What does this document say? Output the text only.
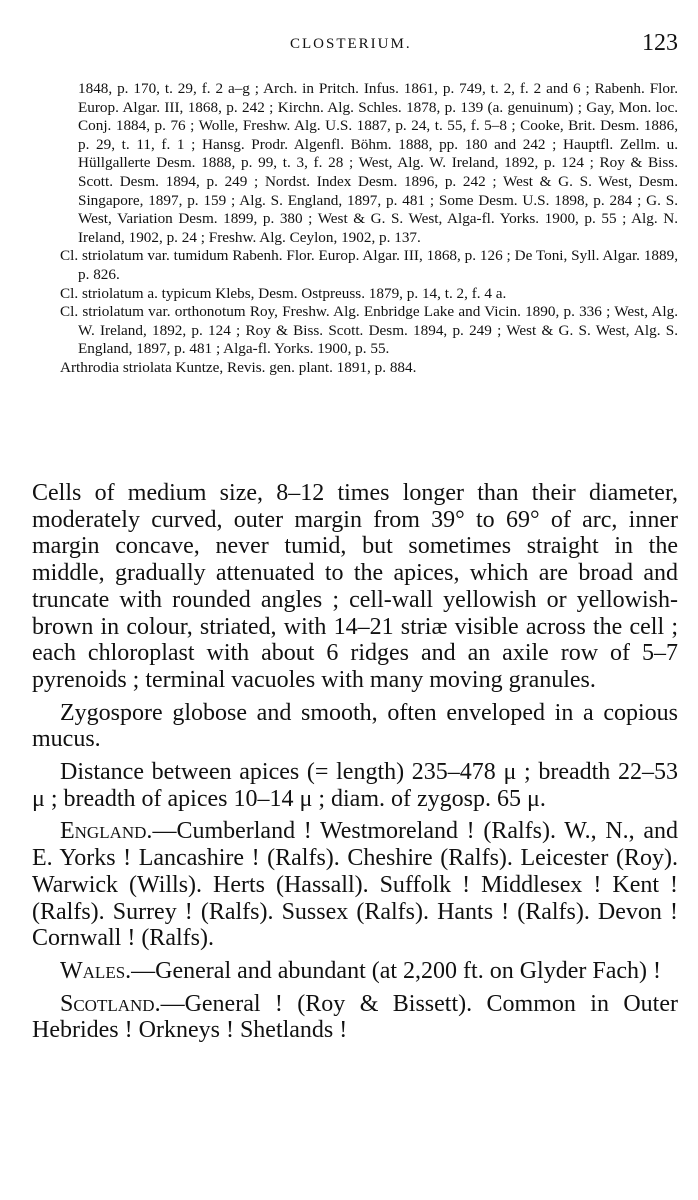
CLOSTERIUM.	123
1848, p. 170, t. 29, f. 2 a–g ; Arch. in Pritch. Infus. 1861, p. 749, t. 2, f. 2 and 6 ; Rabenh. Flor. Europ. Algar. III, 1868, p. 242 ; Kirchn. Alg. Schles. 1878, p. 139 (a. genuinum) ; Gay, Mon. loc. Conj. 1884, p. 76 ; Wolle, Freshw. Alg. U.S. 1887, p. 24, t. 55, f. 5–8 ; Cooke, Brit. Desm. 1886, p. 29, t. 11, f. 1 ; Hansg. Prodr. Algenfl. Böhm. 1888, pp. 180 and 242 ; Hauptfl. Zellm. u. Hüllgallerte Desm. 1888, p. 99, t. 3, f. 28 ; West, Alg. W. Ireland, 1892, p. 124 ; Roy & Biss. Scott. Desm. 1894, p. 249 ; Nordst. Index Desm. 1896, p. 242 ; West & G. S. West, Desm. Singapore, 1897, p. 159 ; Alg. S. England, 1897, p. 481 ; Some Desm. U.S. 1898, p. 284 ; G. S. West, Variation Desm. 1899, p. 380 ; West & G. S. West, Alga-fl. Yorks. 1900, p. 55 ; Alg. N. Ireland, 1902, p. 24 ; Freshw. Alg. Ceylon, 1902, p. 137.
Cl. striolatum var. tumidum Rabenh. Flor. Europ. Algar. III, 1868, p. 126 ; De Toni, Syll. Algar. 1889, p. 826.
Cl. striolatum a. typicum Klebs, Desm. Ostpreuss. 1879, p. 14, t. 2, f. 4 a.
Cl. striolatum var. orthonotum Roy, Freshw. Alg. Enbridge Lake and Vicin. 1890, p. 336 ; West, Alg. W. Ireland, 1892, p. 124 ; Roy & Biss. Scott. Desm. 1894, p. 249 ; West & G. S. West, Alg. S. England, 1897, p. 481 ; Alga-fl. Yorks. 1900, p. 55.
Arthrodia striolata Kuntze, Revis. gen. plant. 1891, p. 884.

Cells of medium size, 8–12 times longer than their diameter, moderately curved, outer margin from 39° to 69° of arc, inner margin concave, never tumid, but sometimes straight in the middle, gradually attenuated to the apices, which are broad and truncate with rounded angles ; cell-wall yellowish or yellowish-brown in colour, striated, with 14–21 striæ visible across the cell ; each chloroplast with about 6 ridges and an axile row of 5–7 pyrenoids ; terminal vacuoles with many moving granules.

Zygospore globose and smooth, often enveloped in a copious mucus.

Distance between apices (= length) 235–478 μ ; breadth 22–53 μ ; breadth of apices 10–14 μ ; diam. of zygosp. 65 μ.

England.—Cumberland ! Westmoreland ! (Ralfs). W., N., and E. Yorks ! Lancashire ! (Ralfs). Cheshire (Ralfs). Leicester (Roy). Warwick (Wills). Herts (Hassall). Suffolk ! Middlesex ! Kent ! (Ralfs). Surrey ! (Ralfs). Sussex (Ralfs). Hants ! (Ralfs). Devon ! Cornwall ! (Ralfs).

Wales.—General and abundant (at 2,200 ft. on Glyder Fach) !

Scotland.—General ! (Roy & Bissett). Common in Outer Hebrides ! Orkneys ! Shetlands !
